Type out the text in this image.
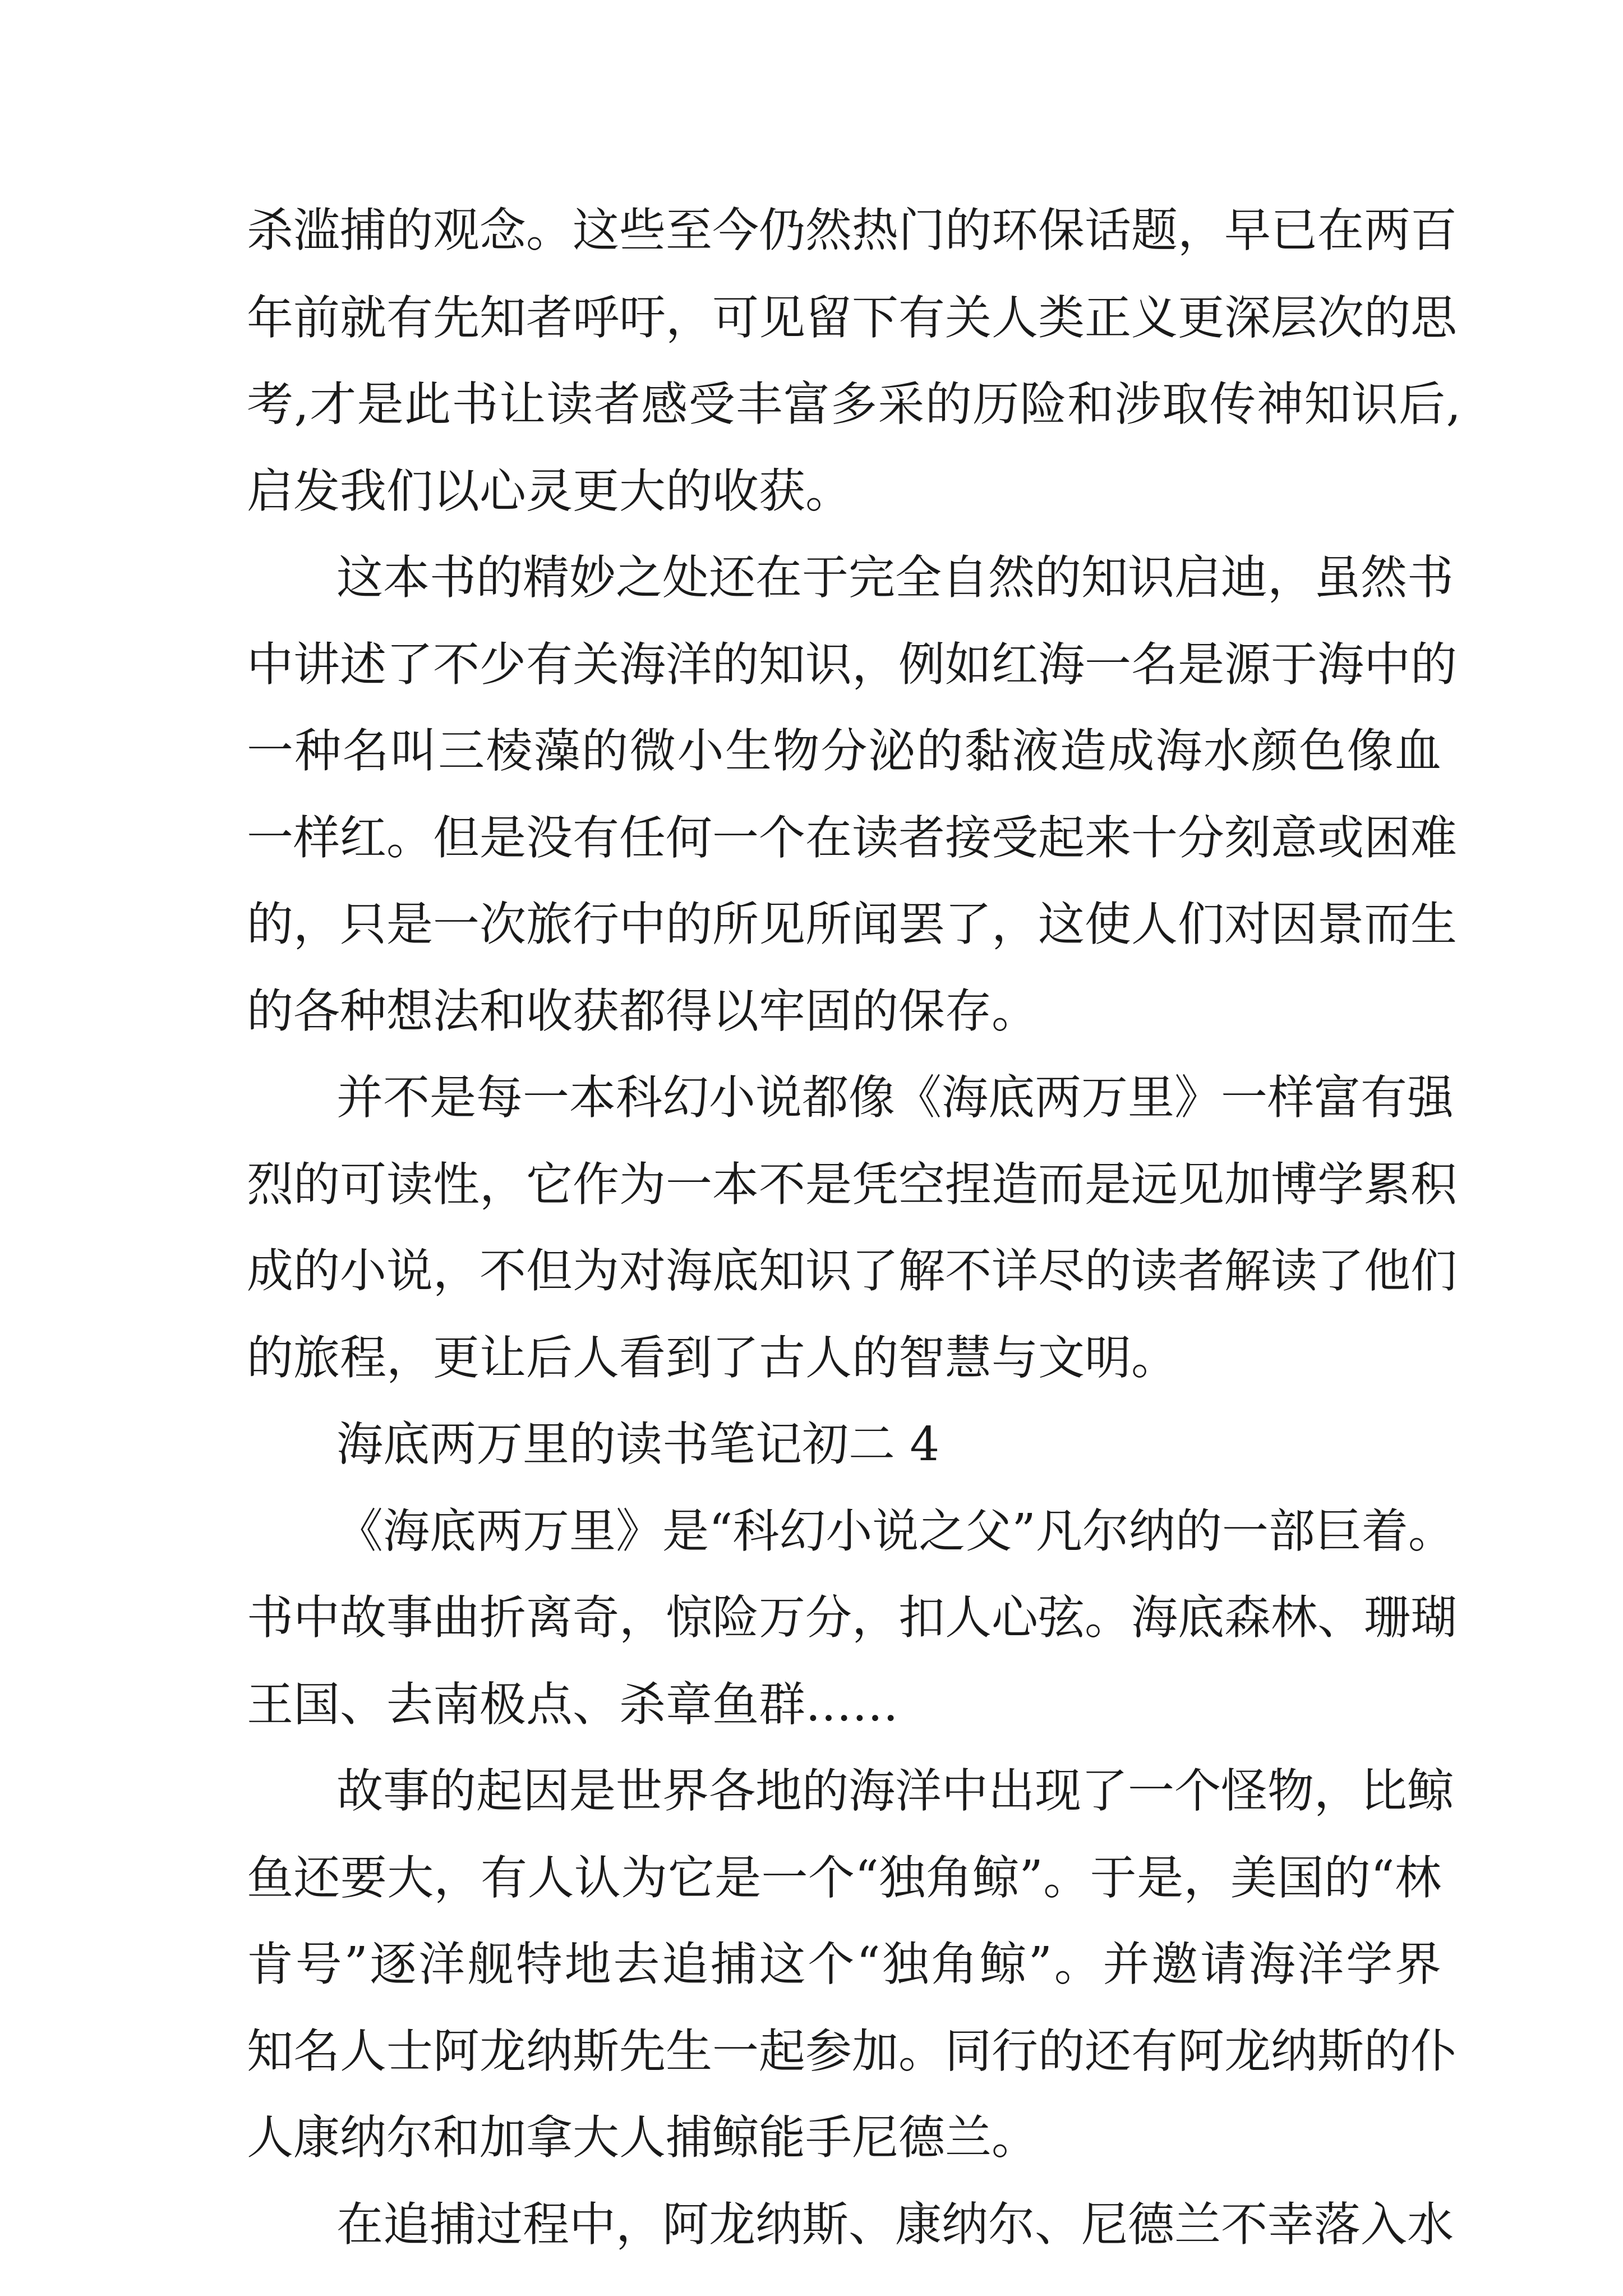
杀滥捕的观念。这些至今仍然热门的环保话题，早已在两百
年前就有先知者呼吁，可见留下有关人类正义更深层次的思
考,才是此书让读者感受丰富多采的历险和涉取传神知识后,
启发我们以心灵更大的收获。
这本书的精妙之处还在于完全自然的知识启迪，虽然书
中讲述了不少有关海洋的知识，例如红海一名是源于海中的
一种名叫三棱藻的微小生物分泌的黏液造成海水颜色像血
一样红。但是没有任何一个在读者接受起来十分刻意或困难
的，只是一次旅行中的所见所闻罢了，这使人们对因景而生
的各种想法和收获都得以牢固的保存。
并不是每一本科幻小说都像《海底两万里》一样富有强
烈的可读性，它作为一本不是凭空捏造而是远见加博学累积
成的小说，不但为对海底知识了解不详尽的读者解读了他们
的旅程，更让后人看到了古人的智慧与文明。
海底两万里的读书笔记初二 4
《海底两万里》是“科幻小说之父”凡尔纳的一部巨着。
书中故事曲折离奇，惊险万分，扣人心弦。海底森林、珊瑚
王国、去南极点、杀章鱼群……
故事的起因是世界各地的海洋中出现了一个怪物，比鲸
鱼还要大，有人认为它是一个“独角鲸”。于是，美国的“林
肯号”逐洋舰特地去追捕这个“独角鲸”。并邀请海洋学界
知名人士阿龙纳斯先生一起参加。同行的还有阿龙纳斯的仆
人康纳尔和加拿大人捕鲸能手尼德兰。
在追捕过程中，阿龙纳斯、康纳尔、尼德兰不幸落入水
